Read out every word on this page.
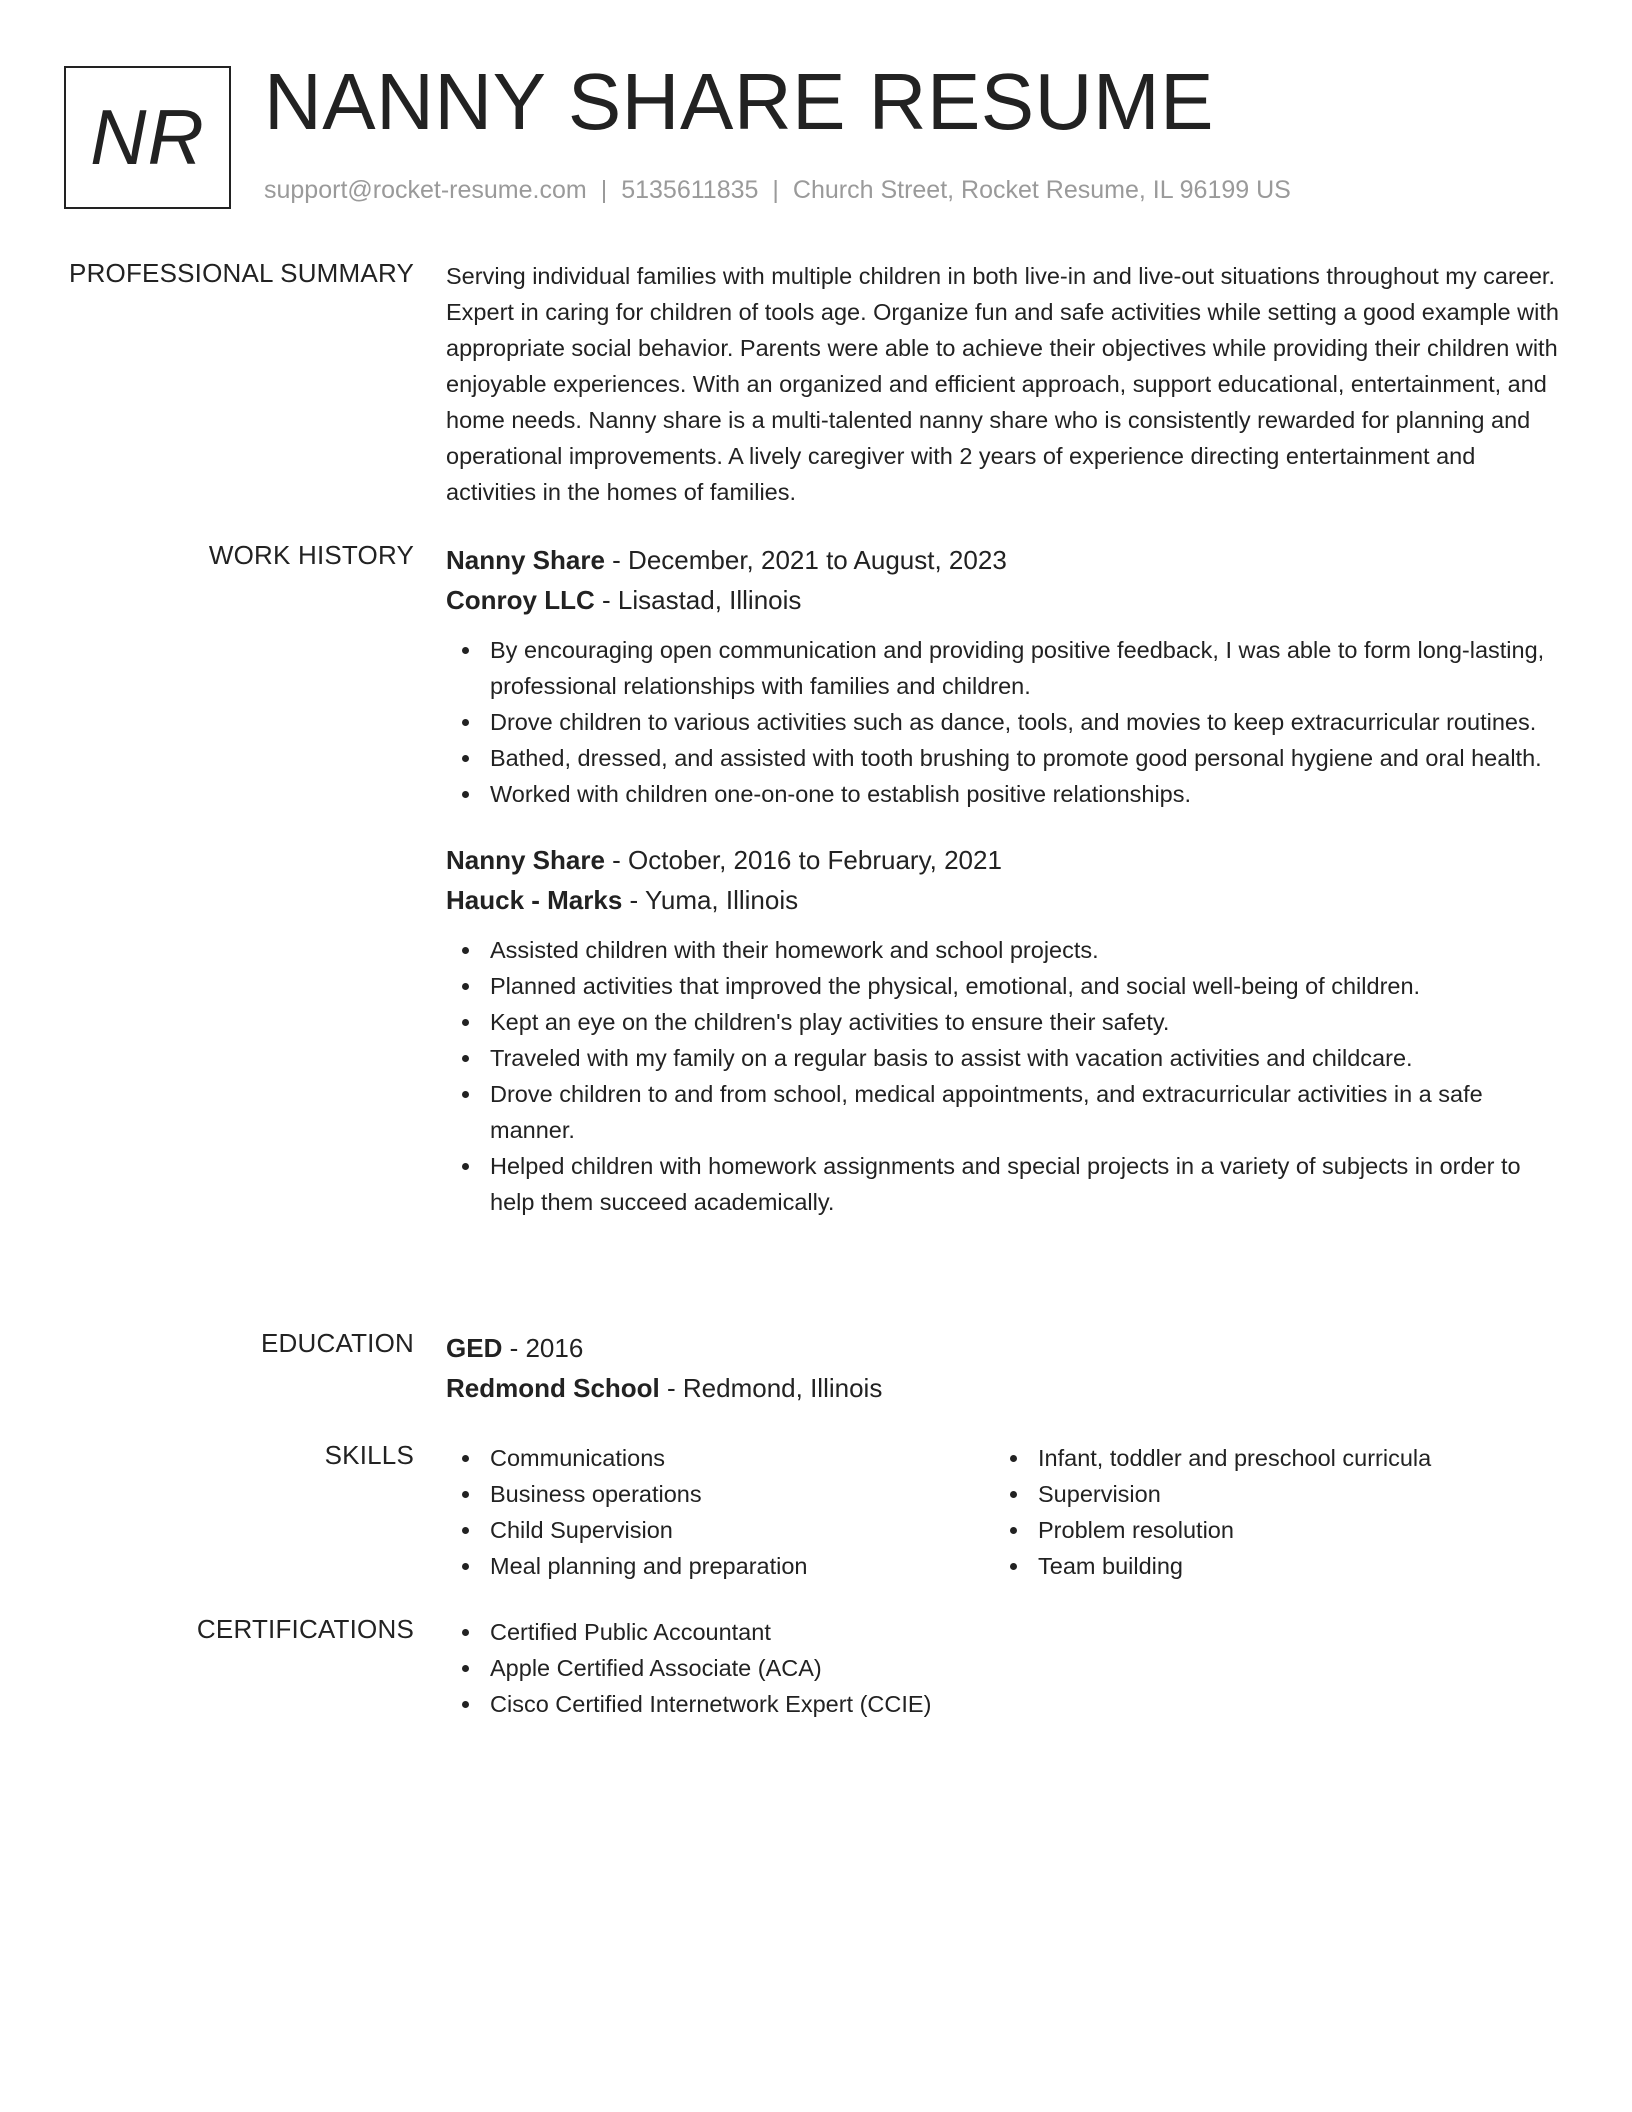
NR NANNY SHARE RESUME
support@rocket-resume.com | 5135611835 | Church Street, Rocket Resume, IL 96199 US
PROFESSIONAL SUMMARY Serving individual families with multiple children in both live-in and live-out situations throughout my career. Expert in caring for children of tools age. Organize fun and safe activities while setting a good example with appropriate social behavior. Parents were able to achieve their objectives while providing their children with enjoyable experiences. With an organized and efficient approach, support educational, entertainment, and home needs. Nanny share is a multi-talented nanny share who is consistently rewarded for planning and operational improvements. A lively caregiver with 2 years of experience directing entertainment and activities in the homes of families.

WORK HISTORY Nanny Share - December, 2021 to August, 2023
Conroy LLC - Lisastad, Illinois
By encouraging open communication and providing positive feedback, I was able to form long-lasting, professional relationships with families and children.
Drove children to various activities such as dance, tools, and movies to keep extracurricular routines.
Bathed, dressed, and assisted with tooth brushing to promote good personal hygiene and oral health.
Worked with children one-on-one to establish positive relationships.
Nanny Share - October, 2016 to February, 2021
Hauck - Marks - Yuma, Illinois
Assisted children with their homework and school projects.
Planned activities that improved the physical, emotional, and social well-being of children.
Kept an eye on the children's play activities to ensure their safety.
Traveled with my family on a regular basis to assist with vacation activities and childcare.
Drove children to and from school, medical appointments, and extracurricular activities in a safe manner.
Helped children with homework assignments and special projects in a variety of subjects in order to help them succeed academically.
EDUCATION GED - 2016
Redmond School - Redmond, Illinois
SKILLS	Communications
Business operations
Child Supervision
Meal planning and preparation
Infant, toddler and preschool curricula
Supervision
Problem resolution
Team building
CERTIFICATIONS	Certified Public Accountant
Apple Certified Associate (ACA)
Cisco Certified Internetwork Expert (CCIE)
